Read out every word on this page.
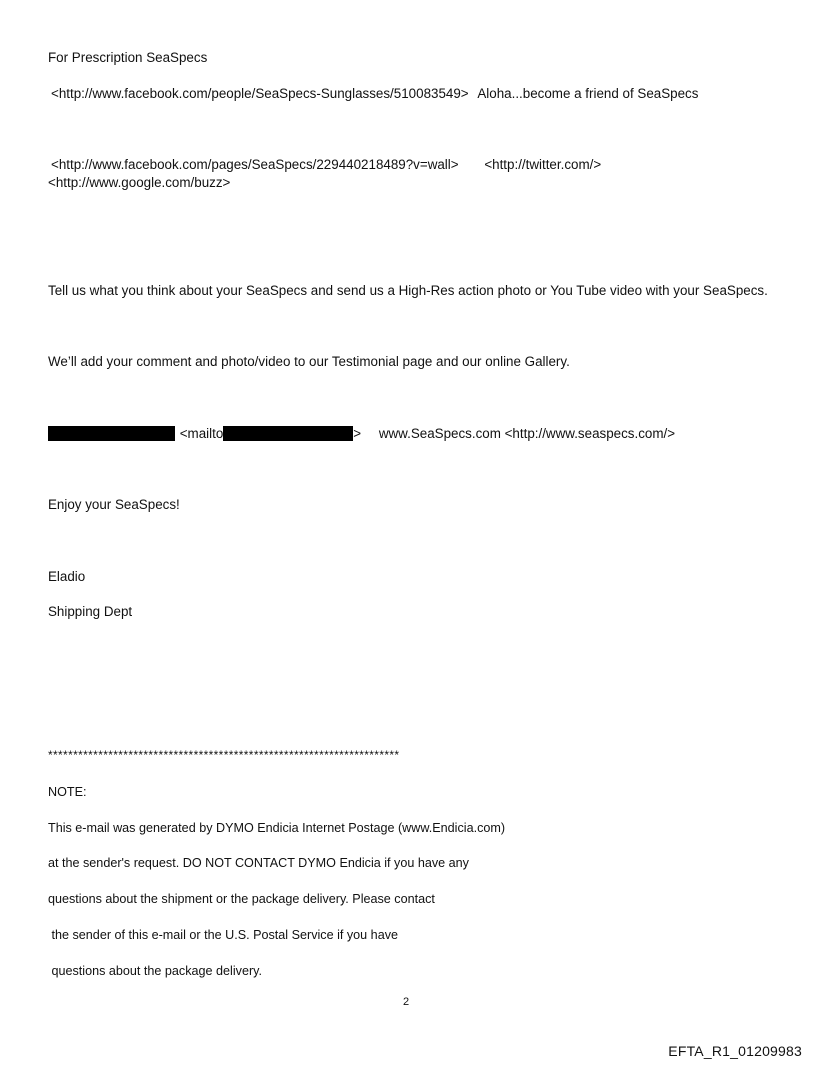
For Prescription SeaSpecs
<http://www.facebook.com/people/SeaSpecs-Sunglasses/510083549> Aloha...become a friend of SeaSpecs
<http://www.facebook.com/pages/SeaSpecs/229440218489?v=wall> <http://twitter.com/>
<http://www.google.com/buzz>
Tell us what you think about your SeaSpecs and send us a High-Res action photo or You Tube video with your SeaSpecs.
We’ll add your comment and photo/video to our Testimonial page and our online Gallery.
<mailto	> www.SeaSpecs.com <http://www.seaspecs.com/>
Enjoy your SeaSpecs!
Eladio
Shipping Dept
**********************************************************************
NOTE:
This e-mail was generated by DYMO Endicia Internet Postage (www.Endicia.com)
at the sender's request. DO NOT CONTACT DYMO Endicia if you have any
questions about the shipment or the package delivery. Please contact
the sender of this e-mail or the U.S. Postal Service if you have
questions about the package delivery.
2
EFTA_R1_01209983
